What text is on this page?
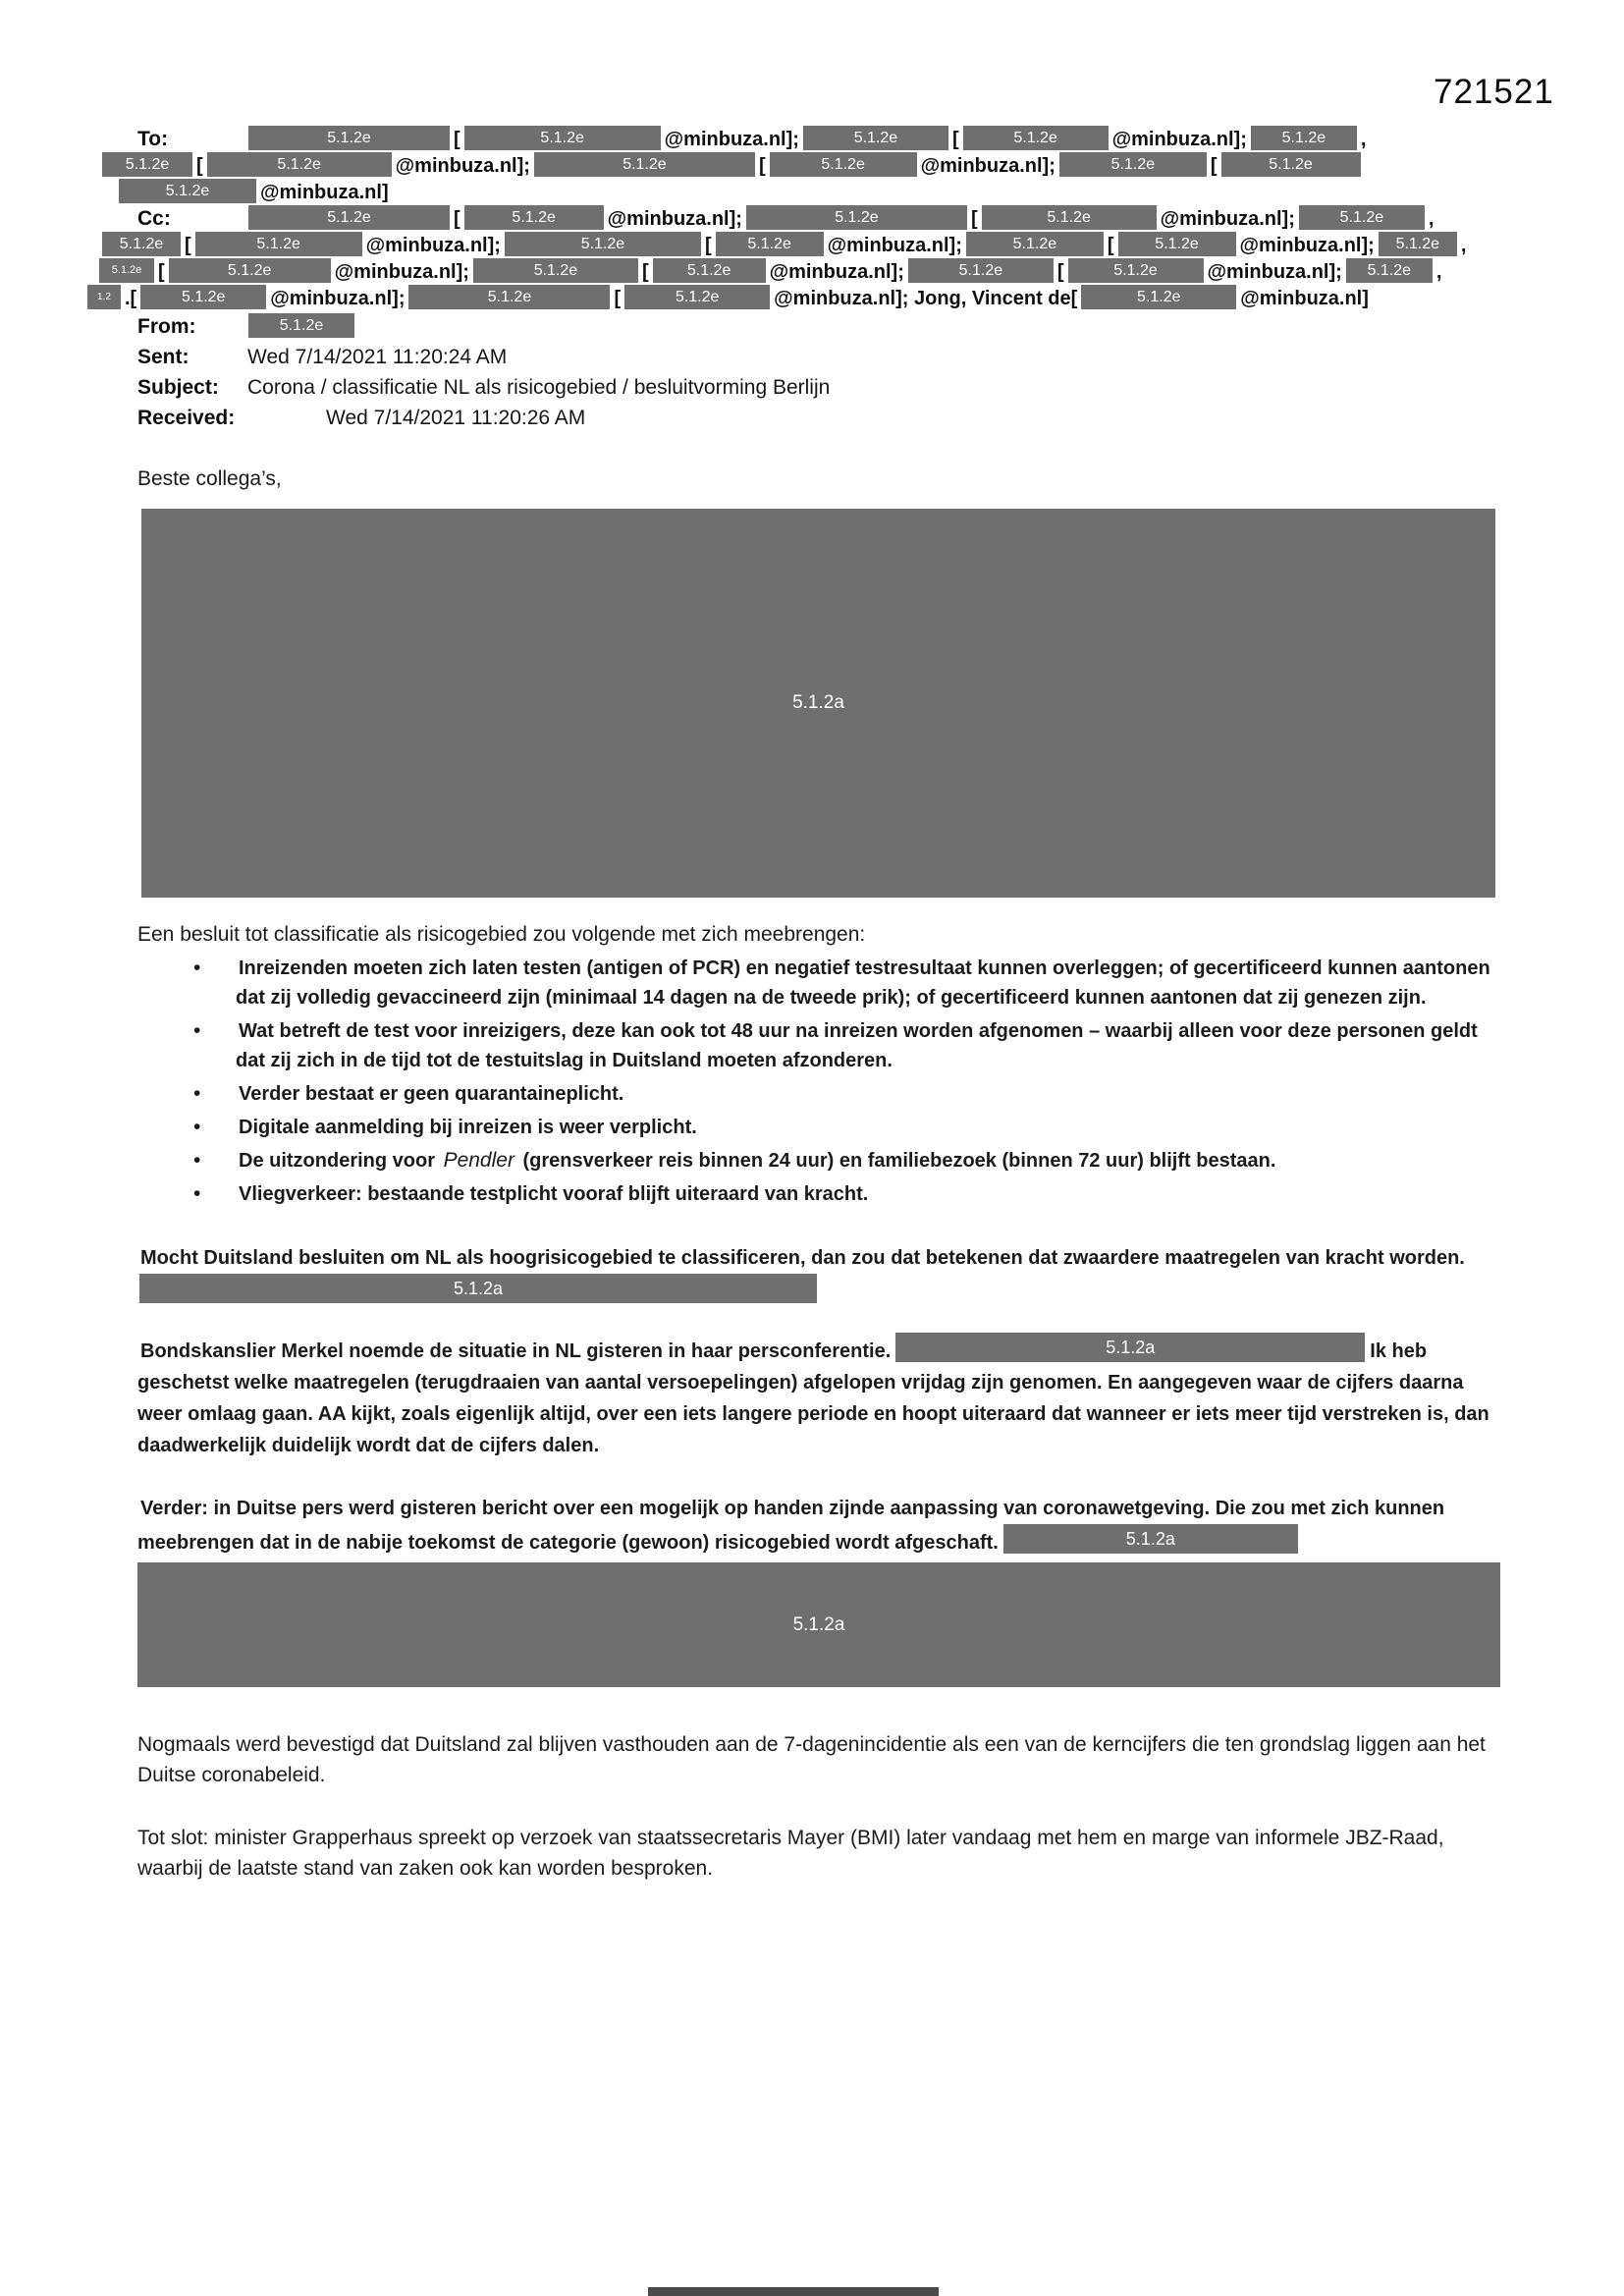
721521
To:	5.1.2e	[	5.1.2e	@minbuza.nl];	5.1.2e	[	5.1.2e	@minbuza.nl]; 5.1.2e ,
5.1.2e [	5.1.2e	@minbuza.nl];	5.1.2e	[	5.1.2e	@minbuza.nl];	5.1.2e	[	5.1.2e
5.1.2e	@minbuza.nl]
Cc:	5.1.2e	[	5.1.2e	@minbuza.nl];	5.1.2e	[	5.1.2e	@minbuza.nl];	5.1.2e ,
5.1.2e [	5.1.2e	@minbuza.nl];	5.1.2e	[ 5.1.2e @minbuza.nl];	5.1.2e	[	5.1.2e @minbuza.nl]; 5.1.2e ,
5.1.2e [	5.1.2e	@minbuza.nl];	5.1.2e	[ 5.1.2e @minbuza.nl];	5.1.2e	[	5.1.2e	@minbuza.nl]; 5.1.2e ,
1.2 .[	5.1.2e @minbuza.nl];	5.1.2e	[	5.1.2e	@minbuza.nl]; Jong, Vincent de[	5.1.2e	@minbuza.nl]
From:	5.1.2e
Sent:	Wed 7/14/2021 11:20:24 AM
Subject: Corona / classificatie NL als risicogebied / besluitvorming Berlijn
Received:	Wed 7/14/2021 11:20:26 AM
Beste collega’s,
5.1.2a
Een besluit tot classificatie als risicogebied zou volgende met zich meebrengen:
•	Inreizenden moeten zich laten testen (antigen of PCR) en negatief testresultaat kunnen overleggen; of gecertificeerd kunnen aantonen dat zij volledig gevaccineerd zijn (minimaal 14 dagen na de tweede prik); of gecertificeerd kunnen aantonen dat zij genezen zijn.
•	Wat betreft de test voor inreizigers, deze kan ook tot 48 uur na inreizen worden afgenomen – waarbij alleen voor deze personen geldt dat zij zich in de tijd tot de testuitslag in Duitsland moeten afzonderen.
•	Verder bestaat er geen quarantaineplicht.
•	Digitale aanmelding bij inreizen is weer verplicht.
•	De uitzondering voor Pendler (grensverkeer reis binnen 24 uur) en familiebezoek (binnen 72 uur) blijft bestaan.
•	Vliegverkeer: bestaande testplicht vooraf blijft uiteraard van kracht.
Mocht Duitsland besluiten om NL als hoogrisicogebied te classificeren, dan zou dat betekenen dat zwaardere maatregelen van kracht worden.5.1.2a
Bondskanslier Merkel noemde de situatie in NL gisteren in haar persconferentie.	5.1.2a	Ik heb geschetst welke maatregelen (terugdraaien van aantal versoepelingen) afgelopen vrijdag zijn genomen. En aangegeven waar de cijfers daarna weer omlaag gaan. AA kijkt, zoals eigenlijk altijd, over een iets langere periode en hoopt uiteraard dat wanneer er iets meer tijd verstreken is, dan daadwerkelijk duidelijk wordt dat de cijfers dalen.
Verder: in Duitse pers werd gisteren bericht over een mogelijk op handen zijnde aanpassing van coronawetgeving. Die zou met zich kunnen meebrengen dat in de nabije toekomst de categorie (gewoon) risicogebied wordt afgeschaft.	5.1.2a
5.1.2a
Nogmaals werd bevestigd dat Duitsland zal blijven vasthouden aan de 7-dagenincidentie als een van de kerncijfers die ten grondslag liggen aan het Duitse coronabeleid.
Tot slot: minister Grapperhaus spreekt op verzoek van staatssecretaris Mayer (BMI) later vandaag met hem en marge van informele JBZ-Raad, waarbij de laatste stand van zaken ook kan worden besproken.
